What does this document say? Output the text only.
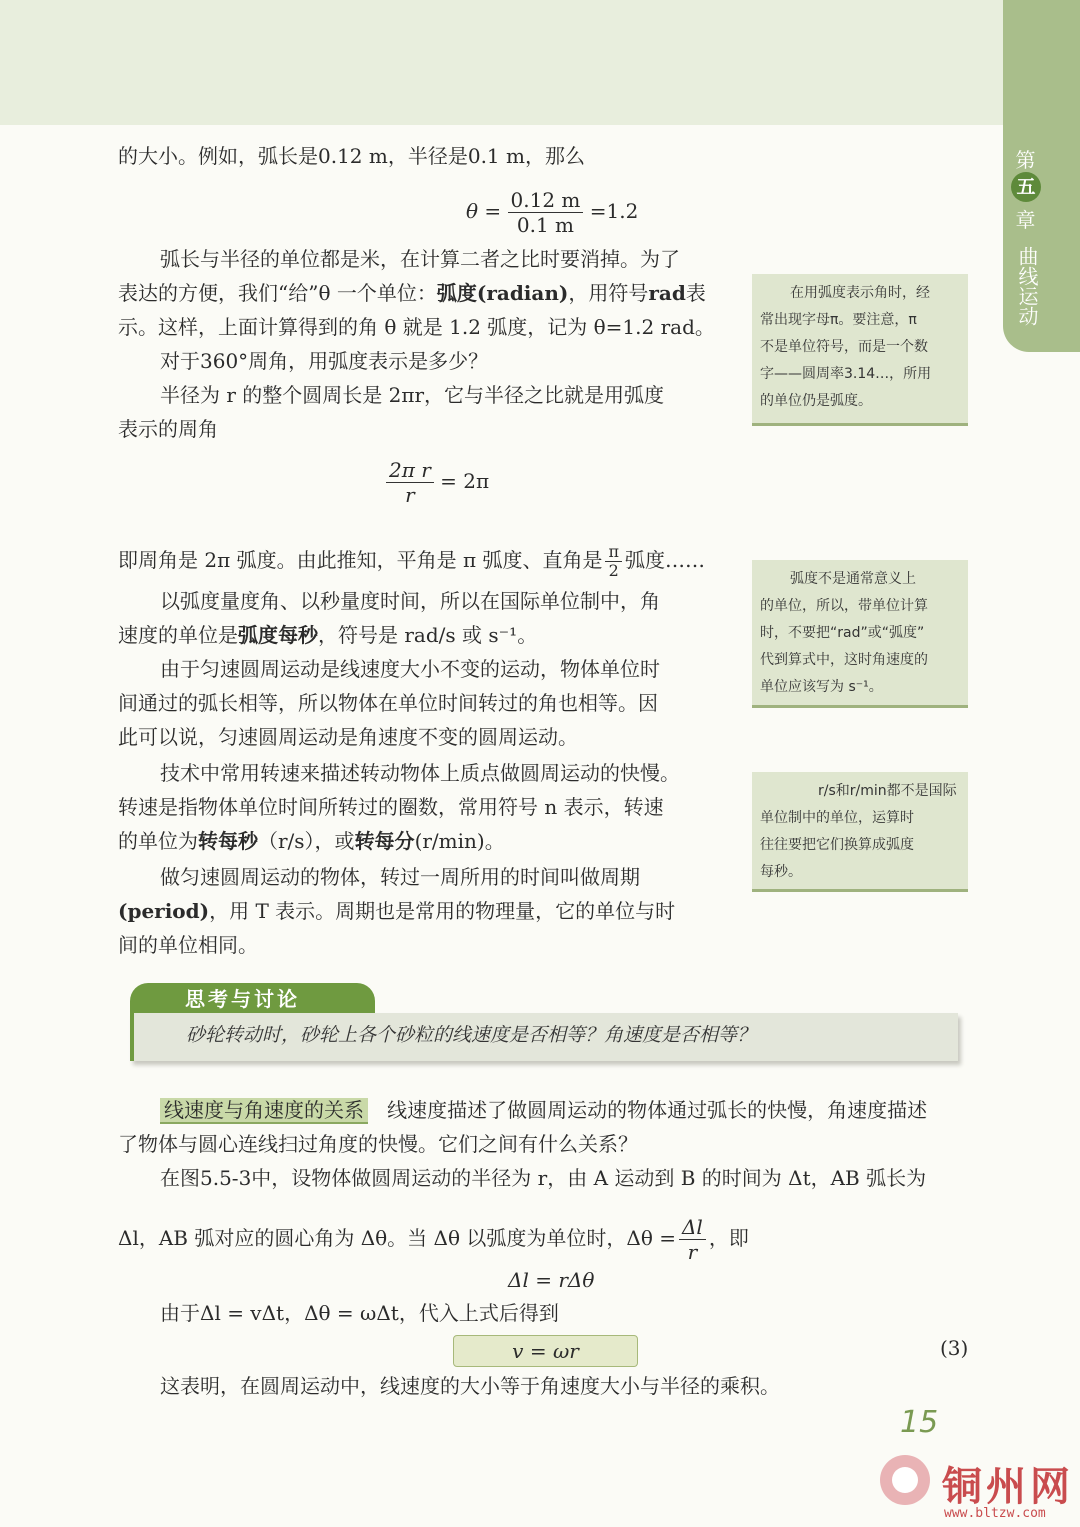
第
五
章
曲线运动
的大小。例如，弧长是0.12 m，半径是0.1 m，那么
$\theta = \frac{0.12 m}{0.1 m} =1.2$
弧长与半径的单位都是米，在计算二者之比时要消掉。为了
表达的方便，我们“给”θ 一个单位：弧度(radian)，用符号rad表
示。这样，上面计算得到的角 θ 就是 1.2 弧度，记为 θ=1.2 rad。
对于360°周角，用弧度表示是多少？
半径为 r 的整个圆周长是 2πr，它与半径之比就是用弧度
表示的周角
$\frac{\text{2π r}}{r} = 2\pi$
即周角是 2π 弧度。由此推知，平角是 π 弧度、直角是 $\frac{\pi}{2}$ 弧度……
以弧度量度角、以秒量度时间，所以在国际单位制中，角
速度的单位是弧度每秒，符号是 rad/s 或 s⁻¹。
由于匀速圆周运动是线速度大小不变的运动，物体单位时
间通过的弧长相等，所以物体在单位时间转过的角也相等。因
此可以说，匀速圆周运动是角速度不变的圆周运动。
技术中常用转速来描述转动物体上质点做圆周运动的快慢。
转速是指物体单位时间所转过的圈数，常用符号 n 表示，转速
的单位为转每秒（r/s），或转每分(r/min)。
做匀速圆周运动的物体，转过一周所用的时间叫做周期
(period)，用 T 表示。周期也是常用的物理量，它的单位与时
间的单位相同。
在用弧度表示角时，经
常出现字母π。要注意，π
不是单位符号，而是一个数
字——圆周率3.14…，所用
的单位仍是弧度。
弧度不是通常意义上
的单位，所以，带单位计算
时，不要把“rad”或“弧度”
代到算式中，这时角速度的
单位应该写为 s⁻¹。
r/s和r/min都不是国际
单位制中的单位，运算时
往往要把它们换算成弧度
每秒。
思考与讨论
砂轮转动时，砂轮上各个砂粒的线速度是否相等？角速度是否相等？
线速度与角速度的关系 线速度描述了做圆周运动的物体通过弧长的快慢，角速度描述
了物体与圆心连线扫过角度的快慢。它们之间有什么关系？
在图5.5-3中，设物体做圆周运动的半径为 r，由 A 运动到 B 的时间为 Δt，AB 弧长为
Δl，AB 弧对应的圆心角为 Δθ。当 Δθ 以弧度为单位时，$\Delta\theta = \frac{\Delta l}{r}$ ，即
Δl = rΔθ
由于Δl = vΔt，Δθ = ωΔt，代入上式后得到
v = ωr	(3)
这表明，在圆周运动中，线速度的大小等于角速度大小与半径的乘积。
15
铜州网
www.bltzw.com
